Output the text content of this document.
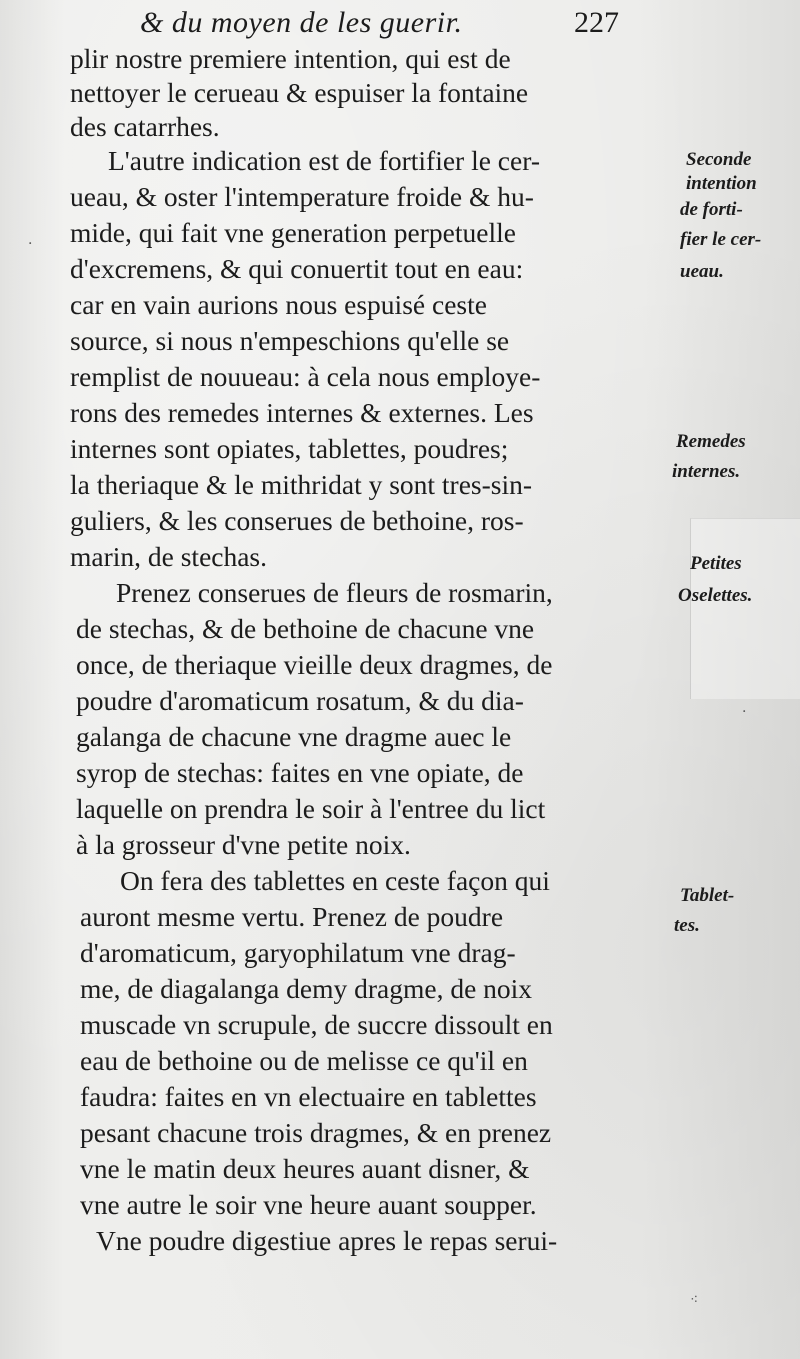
& du moyen de les guerir.	227
plir nostre premiere intention, qui est de
nettoyer le cerueau & espuiser la fontaine
des catarrhes.
L'autre indication est de fortifier le cer-
ueau, & oster l'intemperature froide & hu-
mide, qui fait vne generation perpetuelle
d'excremens, & qui conuertit tout en eau:
car en vain aurions nous espuisé ceste
source, si nous n'empeschions qu'elle se
remplist de nouueau: à cela nous employe-
rons des remedes internes & externes. Les
internes sont opiates, tablettes, poudres;
la theriaque & le mithridat y sont tres-sin-
guliers, & les conserues de bethoine, ros-
marin, de stechas.
Prenez conserues de fleurs de rosmarin,
de stechas, & de bethoine de chacune vne
once, de theriaque vieille deux dragmes, de
poudre d'aromaticum rosatum, & du dia-
galanga de chacune vne dragme auec le
syrop de stechas: faites en vne opiate, de
laquelle on prendra le soir à l'entree du lict
à la grosseur d'vne petite noix.
On fera des tablettes en ceste façon qui
auront mesme vertu. Prenez de poudre
d'aromaticum, garyophilatum vne drag-
me, de diagalanga demy dragme, de noix
muscade vn scrupule, de succre dissoult en
eau de bethoine ou de melisse ce qu'il en
faudra: faites en vn electuaire en tablettes
pesant chacune trois dragmes, & en prenez
vne le matin deux heures auant disner, &
vne autre le soir vne heure auant soupper.
Vne poudre digestiue apres le repas serui-
Seconde
intention
de forti-
fier le cer-
ueau.
Remedes
internes.
Petites
Oselettes.
Tablet-
tes.
⁖
·
·
